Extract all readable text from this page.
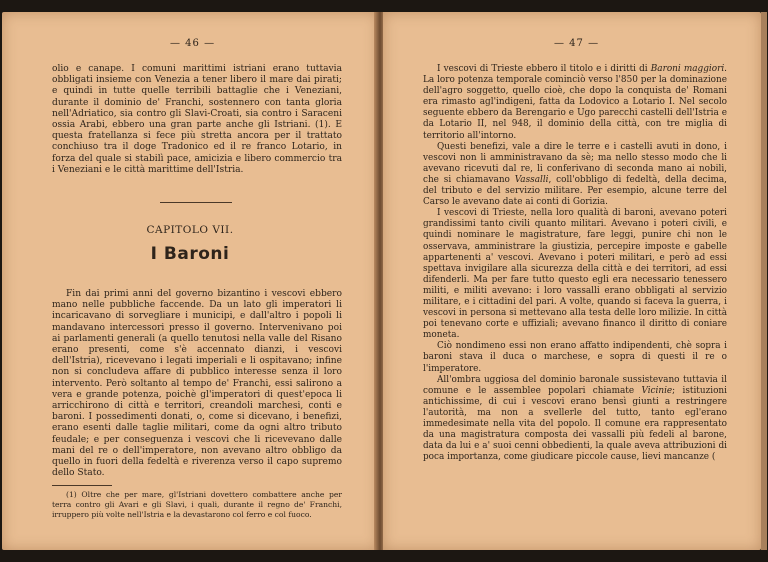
— 46 —

olio e canape. I comuni marittimi istriani erano tuttavia obbligati insieme con Venezia a tener libero il mare dai pirati; e quindi in tutte quelle terribili battaglie che i Veneziani, durante il dominio de' Franchi, sostennero con tanta gloria nell'Adriatico, sia contro gli Slavi-Croati, sia contro i Saraceni ossia Arabi, ebbero una gran parte anche gli Istriani. (1). E questa fratellanza si fece più stretta ancora per il trattato conchiuso tra il doge Tradonico ed il re franco Lotario, in forza del quale si stabilì pace, amicizia e libero commercio tra i Veneziani e le città marittime dell'Istria.

CAPITOLO VII.
I Baroni

Fin dai primi anni del governo bizantino i vescovi ebbero mano nelle pubbliche faccende. Da un lato gli imperatori li incaricavano di sorvegliare i municipi, e dall'altro i popoli li mandavano intercessori presso il governo. Intervenivano poi ai parlamenti generali (a quello tenutosi nella valle del Risano erano presenti, come s'è accennato dianzi, i vescovi dell'Istria), ricevevano i legati imperiali e li ospitavano; infine non si concludeva affare di pubblico interesse senza il loro intervento. Però soltanto al tempo de' Franchi, essi salirono a vera e grande potenza, poichè gl'imperatori di quest'epoca li arricchirono di città e territori, creandoli marchesi, conti e baroni. I possedimenti donati, o, come si dicevano, i benefizi, erano esenti dalle taglie militari, come da ogni altro tributo feudale; e per conseguenza i vescovi che li ricevevano dalle mani del re o dell'imperatore, non avevano altro obbligo da quello in fuori della fedeltà e riverenza verso il capo supremo dello Stato.

(1) Oltre che per mare, gl'Istriani dovettero combattere anche per terra contro gli Avari e gli Slavi, i quali, durante il regno de' Franchi, irruppero più volte nell'Istria e la devastarono col ferro e col fuoco.

— 47 —

I vescovi di Trieste ebbero il titolo e i diritti di Baroni maggiori. La loro potenza temporale cominciò verso l'850 per la dominazione dell'agro soggetto, quello cioè, che dopo la conquista de' Romani era rimasto agl'indigeni, fatta da Lodovico a Lotario I. Nel secolo seguente ebbero da Berengario e Ugo parecchi castelli dell'Istria e da Lotario II, nel 948, il dominio della città, con tre miglia di territorio all'intorno.

Questi benefizi, vale a dire le terre e i castelli avuti in dono, i vescovi non li amministravano da sè; ma nello stesso modo che li avevano ricevuti dal re, li conferivano di seconda mano ai nobili, che si chiamavano Vassalli, coll'obbligo di fedeltà, della decima, del tributo e del servizio militare. Per esempio, alcune terre del Carso le avevano date ai conti di Gorizia.

I vescovi di Trieste, nella loro qualità di baroni, avevano poteri grandissimi tanto civili quanto militari. Avevano i poteri civili, e quindi nominare le magistrature, fare leggi, punire chi non le osservava, amministrare la giustizia, percepire imposte e gabelle appartenenti a' vescovi. Avevano i poteri militari, e però ad essi spettava invigilare alla sicurezza della città e dei territori, ad essi difenderli. Ma per fare tutto questo egli era necessario tenessero militi, e militi avevano: i loro vassalli erano obbligati al servizio militare, e i cittadini del pari. A volte, quando si faceva la guerra, i vescovi in persona si mettevano alla testa delle loro milizie. In città poi tenevano corte e uffiziali; avevano financo il diritto di coniare moneta.

Ciò nondimeno essi non erano affatto indipendenti, chè sopra i baroni stava il duca o marchese, e sopra di questi il re o l'imperatore.

All'ombra uggiosa del dominio baronale sussistevano tuttavia il comune e le assemblee popolari chiamate Vicinie; istituzioni antichissime, di cui i vescovi erano bensì giunti a restringere l'autorità, ma non a svellerle del tutto, tanto egl'erano immedesimate nella vita del popolo. Il comune era rappresentato da una magistratura composta dei vassalli più fedeli al barone, data da lui e a' suoi cenni obbedienti, la quale aveva attribuzioni di poca importanza, come giudicare piccole cause, lievi mancanze (
